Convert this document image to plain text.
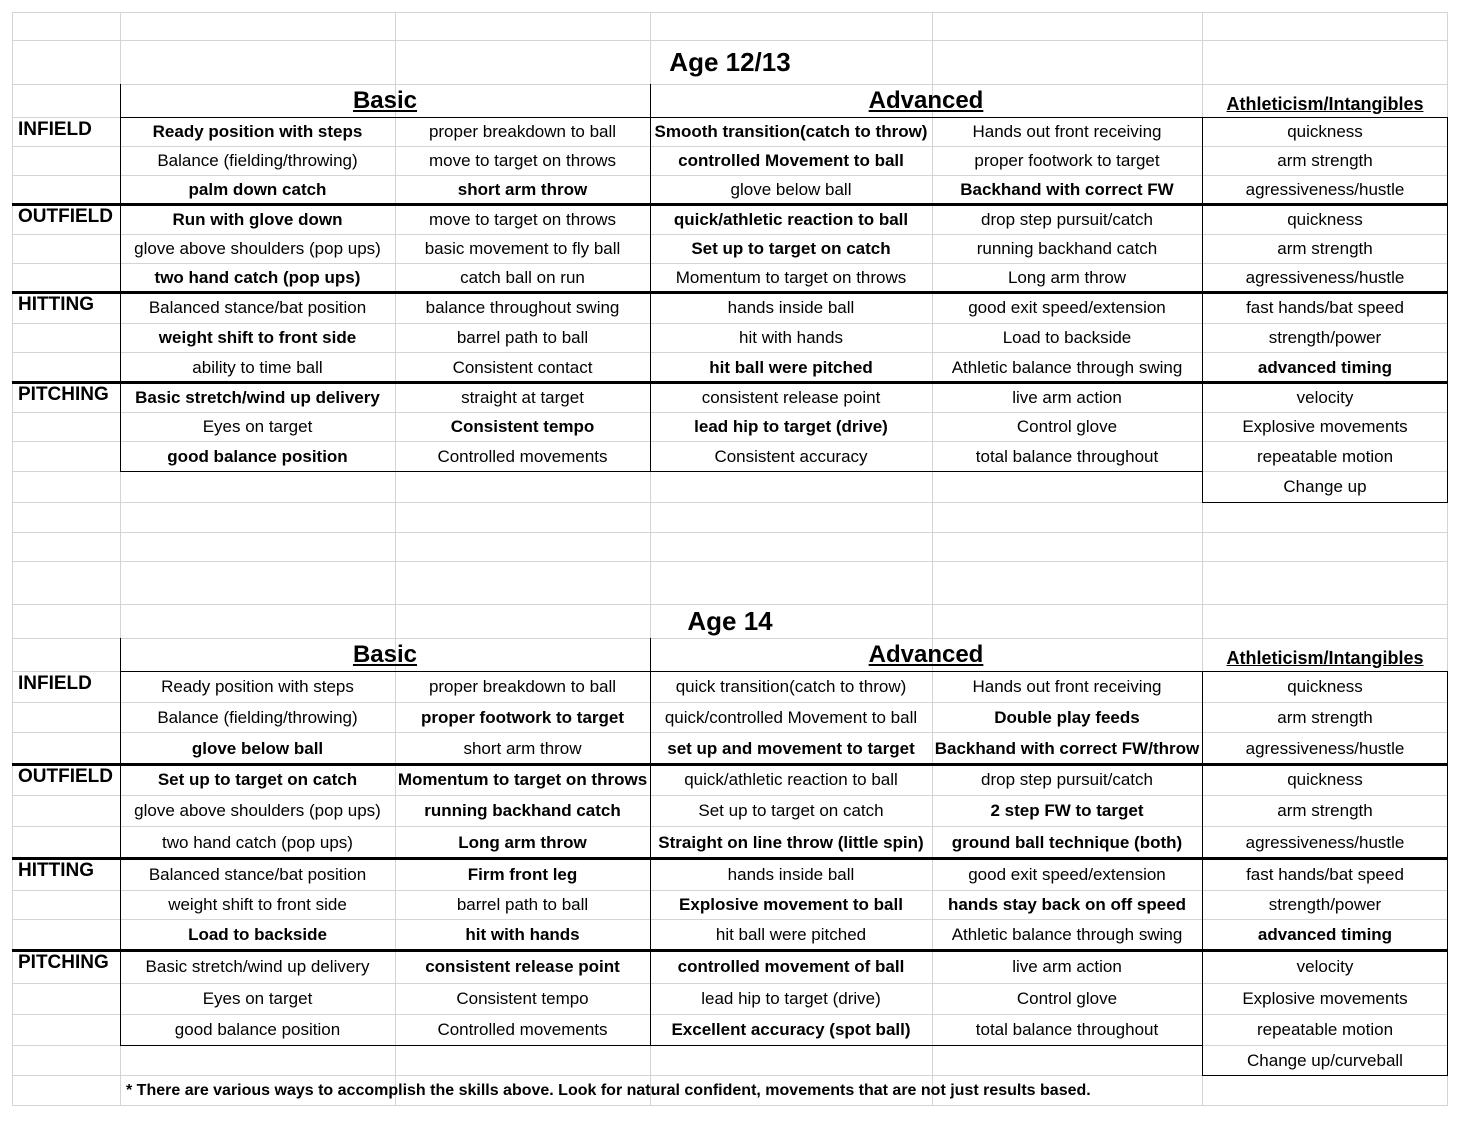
Age 12/13
Basic	Advanced	Athleticism/Intangibles
INFIELD	Ready position with steps	proper breakdown to ball	Smooth transition(catch to throw)	Hands out front receiving	quickness
Balance (fielding/throwing)	move to target on throws	controlled Movement to ball	proper footwork to target	arm strength
palm down catch	short arm throw	glove below ball	Backhand with correct FW	agressiveness/hustle
OUTFIELD	Run with glove down	move to target on throws	quick/athletic reaction to ball	drop step pursuit/catch	quickness
glove above shoulders (pop ups)	basic movement to fly ball	Set up to target on catch	running backhand catch	arm strength
two hand catch (pop ups)	catch ball on run	Momentum to target on throws	Long arm throw	agressiveness/hustle
HITTING	Balanced stance/bat position	balance throughout swing	hands inside ball	good exit speed/extension	fast hands/bat speed
weight shift to front side	barrel path to ball	hit with hands	Load to backside	strength/power
ability to time ball	Consistent contact	hit ball were pitched	Athletic balance through swing	advanced timing
PITCHING	Basic stretch/wind up delivery	straight at target	consistent release point	live arm action	velocity
Eyes on target	Consistent tempo	lead hip to target (drive)	Control glove	Explosive movements
good balance position	Controlled movements	Consistent accuracy	total balance throughout	repeatable motion
Change up
Age 14
Basic	Advanced	Athleticism/Intangibles
INFIELD	Ready position with steps	proper breakdown to ball	quick transition(catch to throw)	Hands out front receiving	quickness
Balance (fielding/throwing)	proper footwork to target	quick/controlled Movement to ball	Double play feeds	arm strength
glove below ball	short arm throw	set up and movement to target	Backhand with correct FW/throw	agressiveness/hustle
OUTFIELD	Set up to target on catch	Momentum to target on throws	quick/athletic reaction to ball	drop step pursuit/catch	quickness
glove above shoulders (pop ups)	running backhand catch	Set up to target on catch	2 step FW to target	arm strength
two hand catch (pop ups)	Long arm throw	Straight on line throw (little spin)	ground ball technique (both)	agressiveness/hustle
HITTING	Balanced stance/bat position	Firm front leg	hands inside ball	good exit speed/extension	fast hands/bat speed
weight shift to front side	barrel path to ball	Explosive movement to ball	hands stay back on off speed	strength/power
Load to backside	hit with hands	hit ball were pitched	Athletic balance through swing	advanced timing
PITCHING	Basic stretch/wind up delivery	consistent release point	controlled movement of ball	live arm action	velocity
Eyes on target	Consistent tempo	lead hip to target (drive)	Control glove	Explosive movements
good balance position	Controlled movements	Excellent accuracy (spot ball)	total balance throughout	repeatable motion
Change up/curveball
* There are various ways to accomplish the skills above. Look for natural confident, movements that are not just results based.
